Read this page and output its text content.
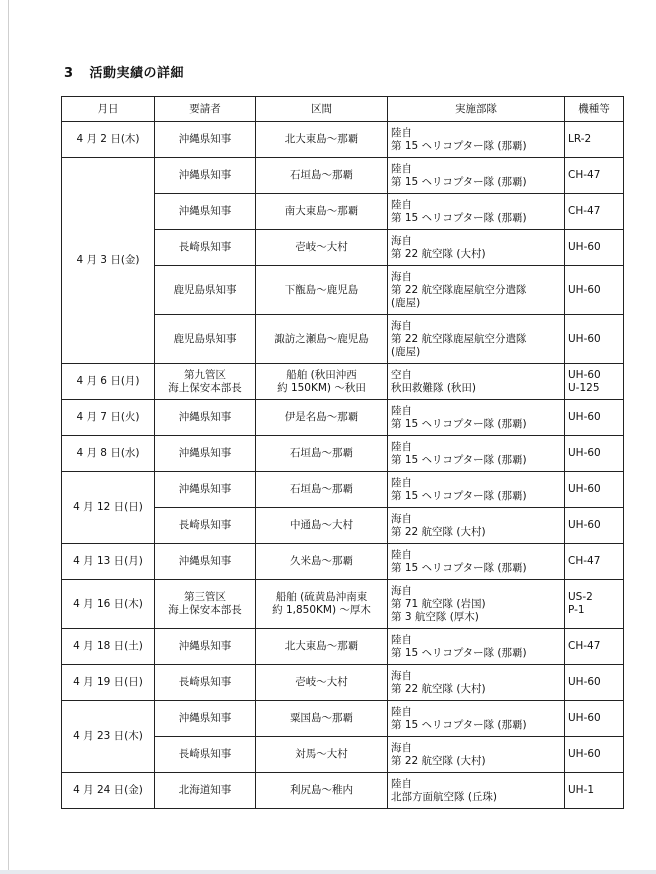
3 活動実績の詳細
月日	要請者	区間	実施部隊	機種等
4 月 2 日(木)	沖縄県知事	北大東島～那覇	陸自
第 15 ヘリコプター隊 (那覇)	LR-2

4 月 3 日(金)	沖縄県知事	石垣島～那覇	陸自
第 15 ヘリコプター隊 (那覇)	CH-47

	沖縄県知事	南大東島～那覇	陸自
第 15 ヘリコプター隊 (那覇)	CH-47

	長崎県知事	壱岐～大村	海自
第 22 航空隊 (大村)	UH-60

	鹿児島県知事	下甑島～鹿児島	海自
第 22 航空隊鹿屋航空分遣隊
(鹿屋)	UH-60

	鹿児島県知事	諏訪之瀬島～鹿児島	海自
第 22 航空隊鹿屋航空分遣隊
(鹿屋)	UH-60

4 月 6 日(月)	第九管区
海上保安本部長	船舶 (秋田沖西
約 150KM) ～秋田	空自
秋田救難隊 (秋田)	UH-60
U-125

4 月 7 日(火)	沖縄県知事	伊是名島～那覇	陸自
第 15 ヘリコプター隊 (那覇)	UH-60

4 月 8 日(水)	沖縄県知事	石垣島～那覇	陸自
第 15 ヘリコプター隊 (那覇)	UH-60

4 月 12 日(日)	沖縄県知事	石垣島～那覇	陸自
第 15 ヘリコプター隊 (那覇)	UH-60

	長崎県知事	中通島～大村	海自
第 22 航空隊 (大村)	UH-60

4 月 13 日(月)	沖縄県知事	久米島～那覇	陸自
第 15 ヘリコプター隊 (那覇)	CH-47

4 月 16 日(木)	第三管区
海上保安本部長	船舶 (硫黄島沖南東
約 1,850KM) ～厚木	海自
第 71 航空隊 (岩国)
第 3 航空隊 (厚木)	US-2
P-1

4 月 18 日(土)	沖縄県知事	北大東島～那覇	陸自
第 15 ヘリコプター隊 (那覇)	CH-47

4 月 19 日(日)	長崎県知事	壱岐～大村	海自
第 22 航空隊 (大村)	UH-60

4 月 23 日(木)	沖縄県知事	粟国島～那覇	陸自
第 15 ヘリコプター隊 (那覇)	UH-60

	長崎県知事	対馬～大村	海自
第 22 航空隊 (大村)	UH-60

4 月 24 日(金)	北海道知事	利尻島～稚内	陸自
北部方面航空隊 (丘珠)	UH-1
